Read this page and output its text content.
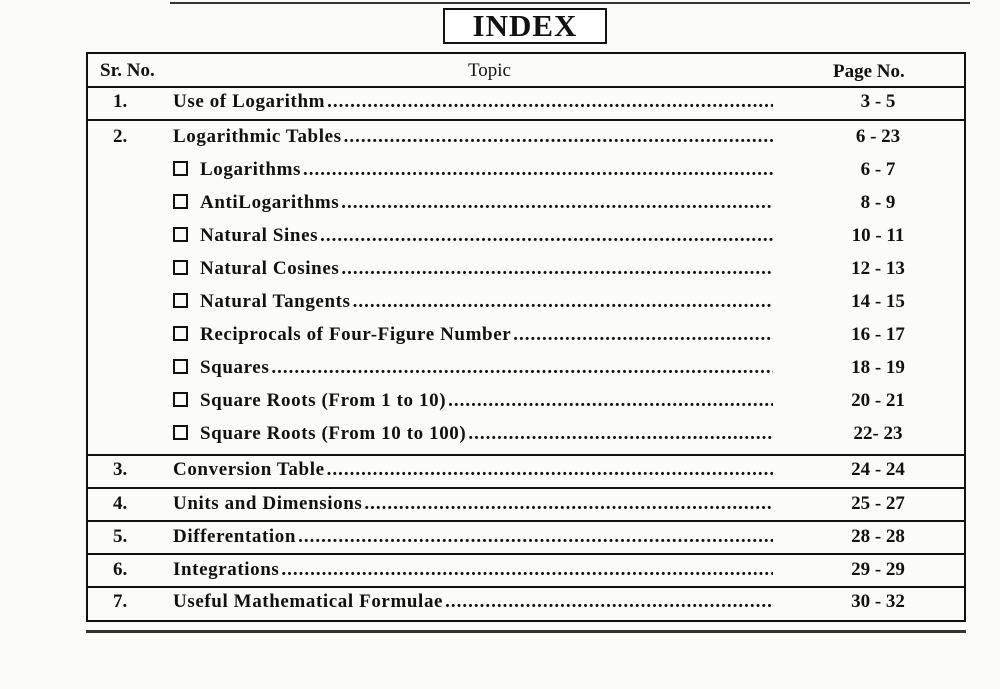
INDEX
Sr. No.	Topic	Page No.
1. Use of Logarithm .....	3 - 5
2. Logarithmic Tables .....	6 - 23
Logarithms .....	6 - 7
AntiLogarithms .....	8 - 9
Natural Sines .....	10 - 11
Natural Cosines .....	12 - 13
Natural Tangents .....	14 - 15
Reciprocals of Four-Figure Number .....	16 - 17
Squares .....	18 - 19
Square Roots (From 1 to 10) .....	20 - 21
Square Roots (From 10 to 100) .....	22- 23
3. Conversion Table .....	24 - 24
4. Units and Dimensions .....	25 - 27
5. Differentation .....	28 - 28
6. Integrations .....	29 - 29
7. Useful Mathematical Formulae .....	30 - 32
